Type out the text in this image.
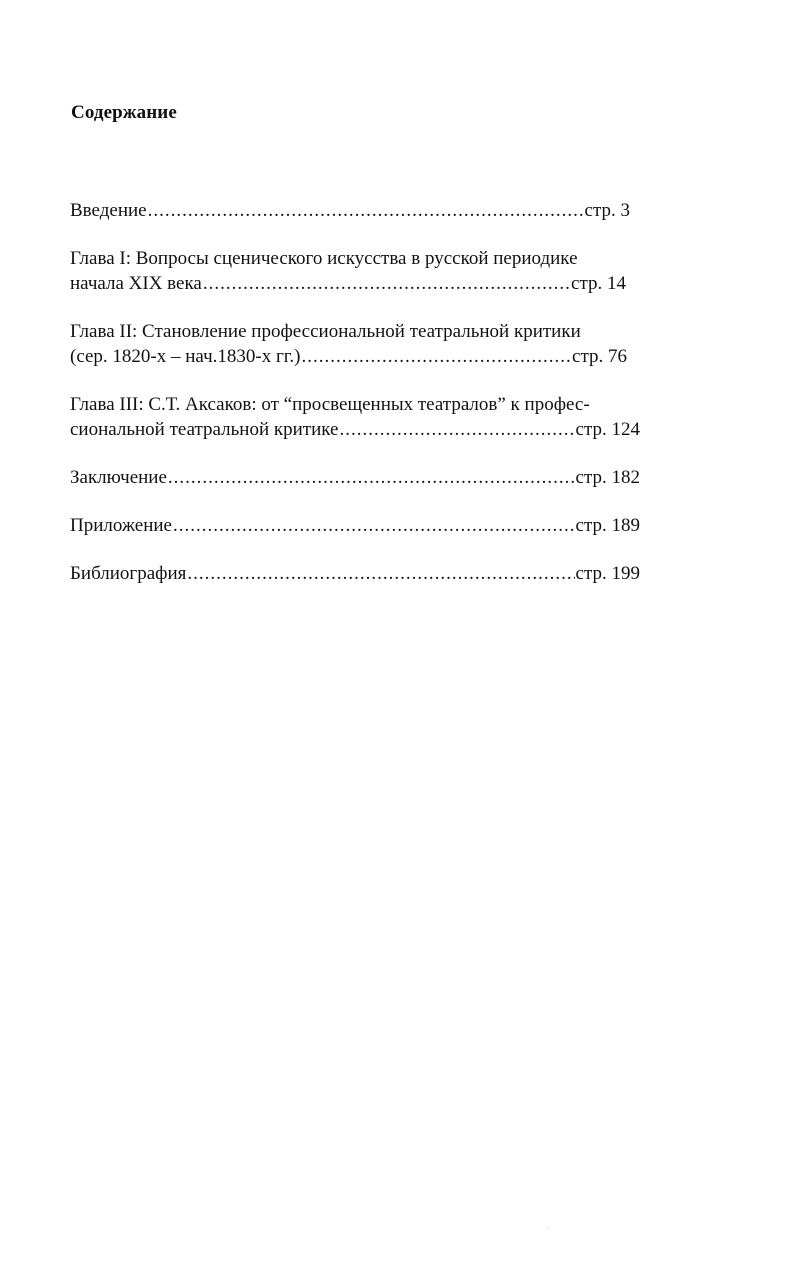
Содержание
Введение .....	стр. 3
Глава I: Вопросы сценического искусства в русской периодике
начала XIX века .....	стр. 14
Глава II: Становление профессиональной театральной критики
(сер. 1820-х – нач.1830-х гг.) .....	стр. 76
Глава III: С.Т. Аксаков: от “просвещенных театралов” к профес-
сиональной театральной критике .....	стр. 124
Заключение .....	стр. 182
Приложение .....	стр. 189
Библиография .....	стр. 199
